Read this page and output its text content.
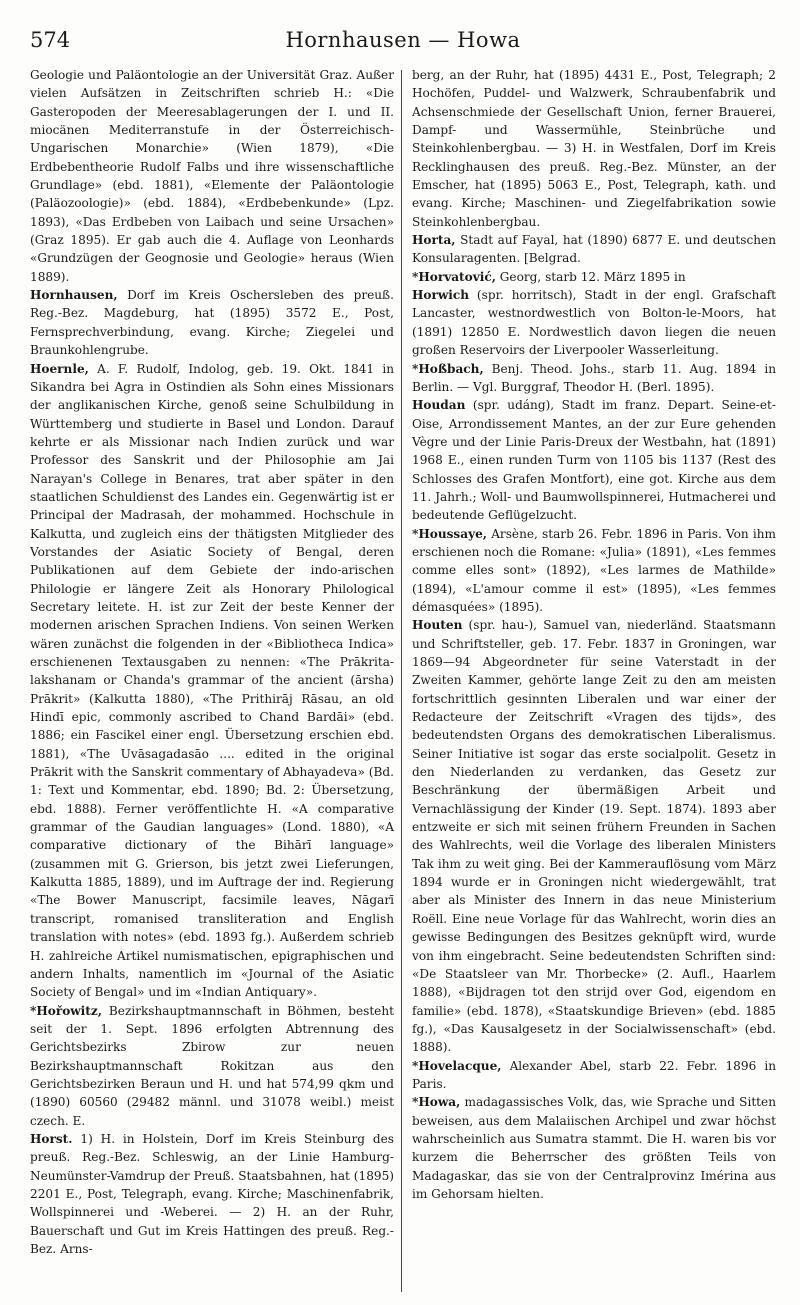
574	Hornhausen — Howa

Geologie und Paläontologie an der Universität Graz. Außer vielen Aufsätzen in Zeitschriften schrieb H.: «Die Gasteropoden der Meeresablagerungen der I. und II. miocänen Mediterranstufe in der Österreichisch-Ungarischen Monarchie» (Wien 1879), «Die Erdbebentheorie Rudolf Falbs und ihre wissenschaftliche Grundlage» (ebd. 1881), «Elemente der Paläontologie (Paläozoologie)» (ebd. 1884), «Erdbebenkunde» (Lpz. 1893), «Das Erdbeben von Laibach und seine Ursachen» (Graz 1895). Er gab auch die 4. Auflage von Leonhards «Grundzügen der Geognosie und Geologie» heraus (Wien 1889).

Hornhausen, Dorf im Kreis Oschersleben des preuß. Reg.-Bez. Magdeburg, hat (1895) 3572 E., Post, Fernsprechverbindung, evang. Kirche; Ziegelei und Braunkohlengrube.

Hoernle, A. F. Rudolf, Indolog, geb. 19. Okt. 1841 in Sikandra bei Agra in Ostindien als Sohn eines Missionars der anglikanischen Kirche, genoß seine Schulbildung in Württemberg und studierte in Basel und London. Darauf kehrte er als Missionar nach Indien zurück und war Professor des Sanskrit und der Philosophie am Jai Narayan's College in Benares, trat aber später in den staatlichen Schuldienst des Landes ein. Gegenwärtig ist er Principal der Madrasah, der mohammed. Hochschule in Kalkutta, und zugleich eins der thätigsten Mitglieder des Vorstandes der Asiatic Society of Bengal, deren Publikationen auf dem Gebiete der indo-arischen Philologie er längere Zeit als Honorary Philological Secretary leitete. H. ist zur Zeit der beste Kenner der modernen arischen Sprachen Indiens. Von seinen Werken wären zunächst die folgenden in der «Bibliotheca Indica» erschienenen Textausgaben zu nennen: «The Prākrita-lakshanam or Chanda's grammar of the ancient (ārsha) Prākrit» (Kalkutta 1880), «The Prithirāj Rāsau, an old Hindī epic, commonly ascribed to Chand Bardāi» (ebd. 1886; ein Fascikel einer engl. Übersetzung erschien ebd. 1881), «The Uvāsagadasāo .... edited in the original Prākrit with the Sanskrit commentary of Abhayadeva» (Bd. 1: Text und Kommentar, ebd. 1890; Bd. 2: Übersetzung, ebd. 1888). Ferner veröffentlichte H. «A comparative grammar of the Gaudian languages» (Lond. 1880), «A comparative dictionary of the Bihārī language» (zusammen mit G. Grierson, bis jetzt zwei Lieferungen, Kalkutta 1885, 1889), und im Auftrage der ind. Regierung «The Bower Manuscript, facsimile leaves, Nāgarī transcript, romanised transliteration and English translation with notes» (ebd. 1893 fg.). Außerdem schrieb H. zahlreiche Artikel numismatischen, epigraphischen und andern Inhalts, namentlich im «Journal of the Asiatic Society of Bengal» und im «Indian Antiquary».

*Hořowitz, Bezirkshauptmannschaft in Böhmen, besteht seit der 1. Sept. 1896 erfolgten Abtrennung des Gerichtsbezirks Zbirow zur neuen Bezirkshauptmannschaft Rokitzan aus den Gerichtsbezirken Beraun und H. und hat 574,99 qkm und (1890) 60560 (29482 männl. und 31078 weibl.) meist czech. E.

Horst. 1) H. in Holstein, Dorf im Kreis Steinburg des preuß. Reg.-Bez. Schleswig, an der Linie Hamburg-Neumünster-Vamdrup der Preuß. Staatsbahnen, hat (1895) 2201 E., Post, Telegraph, evang. Kirche; Maschinenfabrik, Wollspinnerei und -Weberei. — 2) H. an der Ruhr, Bauerschaft und Gut im Kreis Hattingen des preuß. Reg.-Bez. Arns-

berg, an der Ruhr, hat (1895) 4431 E., Post, Telegraph; 2 Hochöfen, Puddel- und Walzwerk, Schraubenfabrik und Achsenschmiede der Gesellschaft Union, ferner Brauerei, Dampf- und Wassermühle, Steinbrüche und Steinkohlenbergbau. — 3) H. in Westfalen, Dorf im Kreis Recklinghausen des preuß. Reg.-Bez. Münster, an der Emscher, hat (1895) 5063 E., Post, Telegraph, kath. und evang. Kirche; Maschinen- und Ziegelfabrikation sowie Steinkohlenbergbau.

Horta, Stadt auf Fayal, hat (1890) 6877 E. und deutschen Konsularagenten. [Belgrad.

*Horvatović, Georg, starb 12. März 1895 in

Horwich (spr. horritsch), Stadt in der engl. Grafschaft Lancaster, westnordwestlich von Bolton-le-Moors, hat (1891) 12850 E. Nordwestlich davon liegen die neuen großen Reservoirs der Liverpooler Wasserleitung.

*Hoßbach, Benj. Theod. Johs., starb 11. Aug. 1894 in Berlin. — Vgl. Burggraf, Theodor H. (Berl. 1895).

Houdan (spr. udáng), Stadt im franz. Depart. Seine-et-Oise, Arrondissement Mantes, an der zur Eure gehenden Vègre und der Linie Paris-Dreux der Westbahn, hat (1891) 1968 E., einen runden Turm von 1105 bis 1137 (Rest des Schlosses des Grafen Montfort), eine got. Kirche aus dem 11. Jahrh.; Woll- und Baumwollspinnerei, Hutmacherei und bedeutende Geflügelzucht.

*Houssaye, Arsène, starb 26. Febr. 1896 in Paris. Von ihm erschienen noch die Romane: «Julia» (1891), «Les femmes comme elles sont» (1892), «Les larmes de Mathilde» (1894), «L'amour comme il est» (1895), «Les femmes démasquées» (1895).

Houten (spr. hau-), Samuel van, niederländ. Staatsmann und Schriftsteller, geb. 17. Febr. 1837 in Groningen, war 1869—94 Abgeordneter für seine Vaterstadt in der Zweiten Kammer, gehörte lange Zeit zu den am meisten fortschrittlich gesinnten Liberalen und war einer der Redacteure der Zeitschrift «Vragen des tijds», des bedeutendsten Organs des demokratischen Liberalismus. Seiner Initiative ist sogar das erste socialpolit. Gesetz in den Niederlanden zu verdanken, das Gesetz zur Beschränkung der übermäßigen Arbeit und Vernachlässigung der Kinder (19. Sept. 1874). 1893 aber entzweite er sich mit seinen frühern Freunden in Sachen des Wahlrechts, weil die Vorlage des liberalen Ministers Tak ihm zu weit ging. Bei der Kammerauflösung vom März 1894 wurde er in Groningen nicht wiedergewählt, trat aber als Minister des Innern in das neue Ministerium Roëll. Eine neue Vorlage für das Wahlrecht, worin dies an gewisse Bedingungen des Besitzes geknüpft wird, wurde von ihm eingebracht. Seine bedeutendsten Schriften sind: «De Staatsleer van Mr. Thorbecke» (2. Aufl., Haarlem 1888), «Bijdragen tot den strijd over God, eigendom en familie» (ebd. 1878), «Staatskundige Brieven» (ebd. 1885 fg.), «Das Kausalgesetz in der Socialwissenschaft» (ebd. 1888).

*Hovelacque, Alexander Abel, starb 22. Febr. 1896 in Paris.

*Howa, madagassisches Volk, das, wie Sprache und Sitten beweisen, aus dem Malaiischen Archipel und zwar höchst wahrscheinlich aus Sumatra stammt. Die H. waren bis vor kurzem die Beherrscher des größten Teils von Madagaskar, das sie von der Centralprovinz Imérina aus im Gehorsam hielten.
